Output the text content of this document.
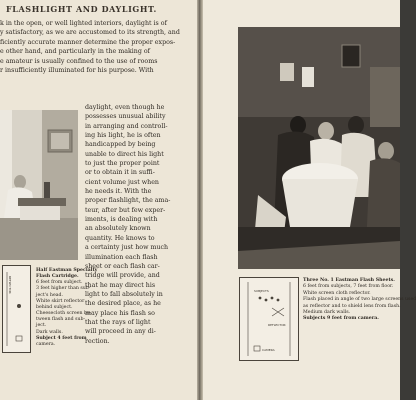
FLASHLIGHT AND DAYLIGHT.
k in the open, or well lighted interiors, daylight is of
y satisfactory, as we are accustomed to its strength, and
ficiently accurate manner determine the proper expos-
e other hand, and particularly in the making of
e amateur is usually confined to the use of rooms
r insufficiently illuminated for his purpose. With
daylight, even though he
possesses unusual ability
in arranging and controll-
ing his light, he is often
handicapped by being
unable to direct his light
to just the proper point
or to obtain it in suffi-
cient volume just when
he needs it. With the
proper flashlight, the ama-
teur, after but few exper-
iments, is dealing with
an absolutely known
quantity. He knows to
a certainty just how much
illumination each flash
sheet or each flash car-
tridge will provide, and
that he may direct his
light to fall absolutely in
the desired place, as he
may place his flash so
that the rays of light
will proceed in any di-
rection.
REFLECTOR
Half Eastman Specialty
Flash Cartridge.
6 feet from subject.
3 feet higher than sub-
ject's head.
White skirt reflector
behind subject.
Cheesecloth screen be-
tween flash and sub-
ject.
Dark walls.
Subject 4 feet from
camera.
SUBJECTS
REFLECTOR
CAMERA
Three No. 1 Eastman Flash Sheets.
6 feet from subjects, 7 feet from floor.
White screen cloth reflector.
Flash placed in angle of two large screens used
as reflector and to shield lens from flash.
Medium dark walls.
Subjects 9 feet from camera.
